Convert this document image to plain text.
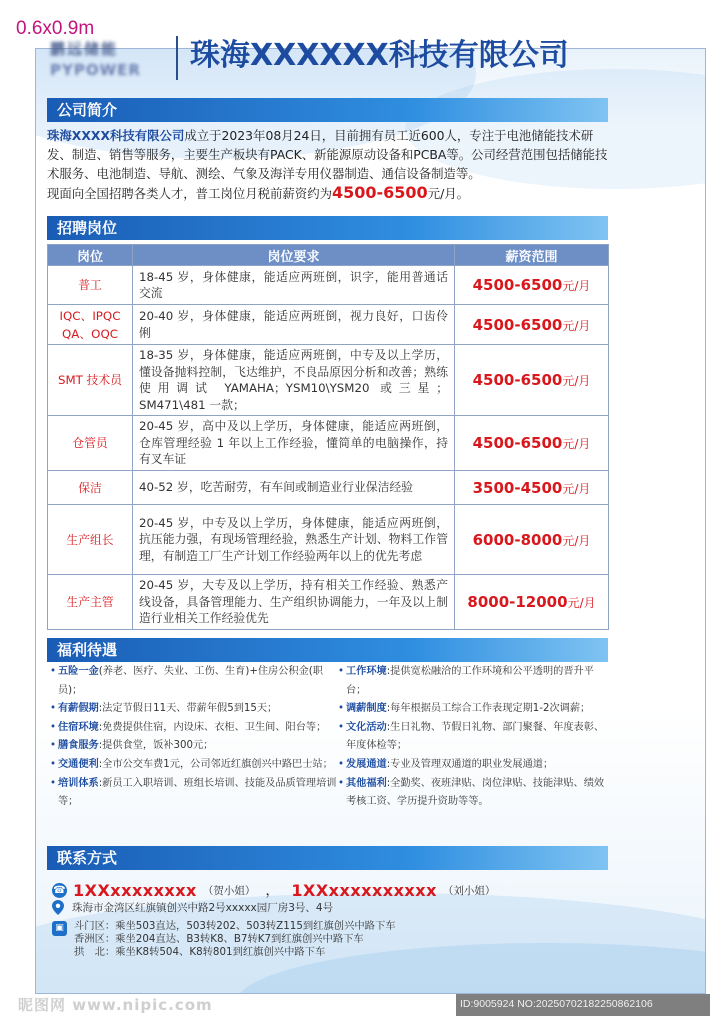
0.6x0.9m
鹏远储能
PYPOWER	珠海XXXXXX科技有限公司
公司简介
珠海XXXX科技有限公司成立于2023年08月24日，目前拥有员工近600人，专注于电池储能技术研发、制造、销售等服务，主要生产板块有PACK、新能源原动设备和PCBA等。公司经营范围包括储能技术服务、电池制造、导航、测绘、气象及海洋专用仪器制造、通信设备制造等。
现面向全国招聘各类人才，普工岗位月税前薪资约为4500-6500元/月。
招聘岗位
岗位	岗位要求	薪资范围
普工	18-45 岁，身体健康，能适应两班倒，识字，能用普通话交流	4500-6500元/月
IQC、IPQC QA、OQC	20-40 岁，身体健康，能适应两班倒，视力良好，口齿伶俐	4500-6500元/月
SMT 技术员	18-35 岁，身体健康，能适应两班倒，中专及以上学历，懂设备抛料控制，飞达维护，不良品原因分析和改善；熟练使用调试 YAMAHA；YSM10\YSM20 或三星；SM471\481 一款；	4500-6500元/月
仓管员	20-45 岁，高中及以上学历，身体健康，能适应两班倒，仓库管理经验 1 年以上工作经验，懂简单的电脑操作，持有叉车证	4500-6500元/月
保洁	40-52 岁，吃苦耐劳，有车间或制造业行业保洁经验	3500-4500元/月
生产组长	20-45 岁，中专及以上学历，身体健康，能适应两班倒，抗压能力强，有现场管理经验，熟悉生产计划、物料工作管理，有制造工厂生产计划工作经验两年以上的优先考虑	6000-8000元/月
生产主管	20-45 岁，大专及以上学历，持有相关工作经验、熟悉产线设备，具备管理能力、生产组织协调能力，一年及以上制造行业相关工作经验优先	8000-12000元/月
福利待遇
• 五险一金(养老、医疗、失业、工伤、生育)+住房公积金(职员)；
• 有薪假期:法定节假日11天、带薪年假5到15天；
• 住宿环境:免费提供住宿，内设床、衣柜、卫生间、阳台等；
• 膳食服务:提供食堂，饭补300元；
• 交通便利:全市公交车费1元，公司邻近红旗创兴中路巴士站；
• 培训体系:新员工入职培训、班组长培训、技能及品质管理培训等；
• 工作环境:提供宽松融洽的工作环境和公平透明的晋升平台；
• 调薪制度:每年根据员工综合工作表现定期1-2次调薪；
• 文化活动:生日礼物、节假日礼物、部门聚餐、年度表彰、年度体检等；
• 发展通道:专业及管理双通道的职业发展通道；
• 其他福利:全勤奖、夜班津贴、岗位津贴、技能津贴、绩效考核工资、学历提升资助等等。
联系方式
☎ 1XXxxxxxxxx （贺小姐） ， 1XXxxxxxxxxxx （刘小姐）
珠海市金湾区红旗镇创兴中路2号xxxxx园厂房3号、4号
▣ 斗门区：乘坐503直达，503转202、503转Z115到红旗创兴中路下车
香洲区：乘坐204直达、B3转K8、B7转K7到红旗创兴中路下车
拱　北：乘坐K8转504、K8转801到红旗创兴中路下车
昵图网 www.nipic.com	ID:9005924 NO:20250702182250862106
